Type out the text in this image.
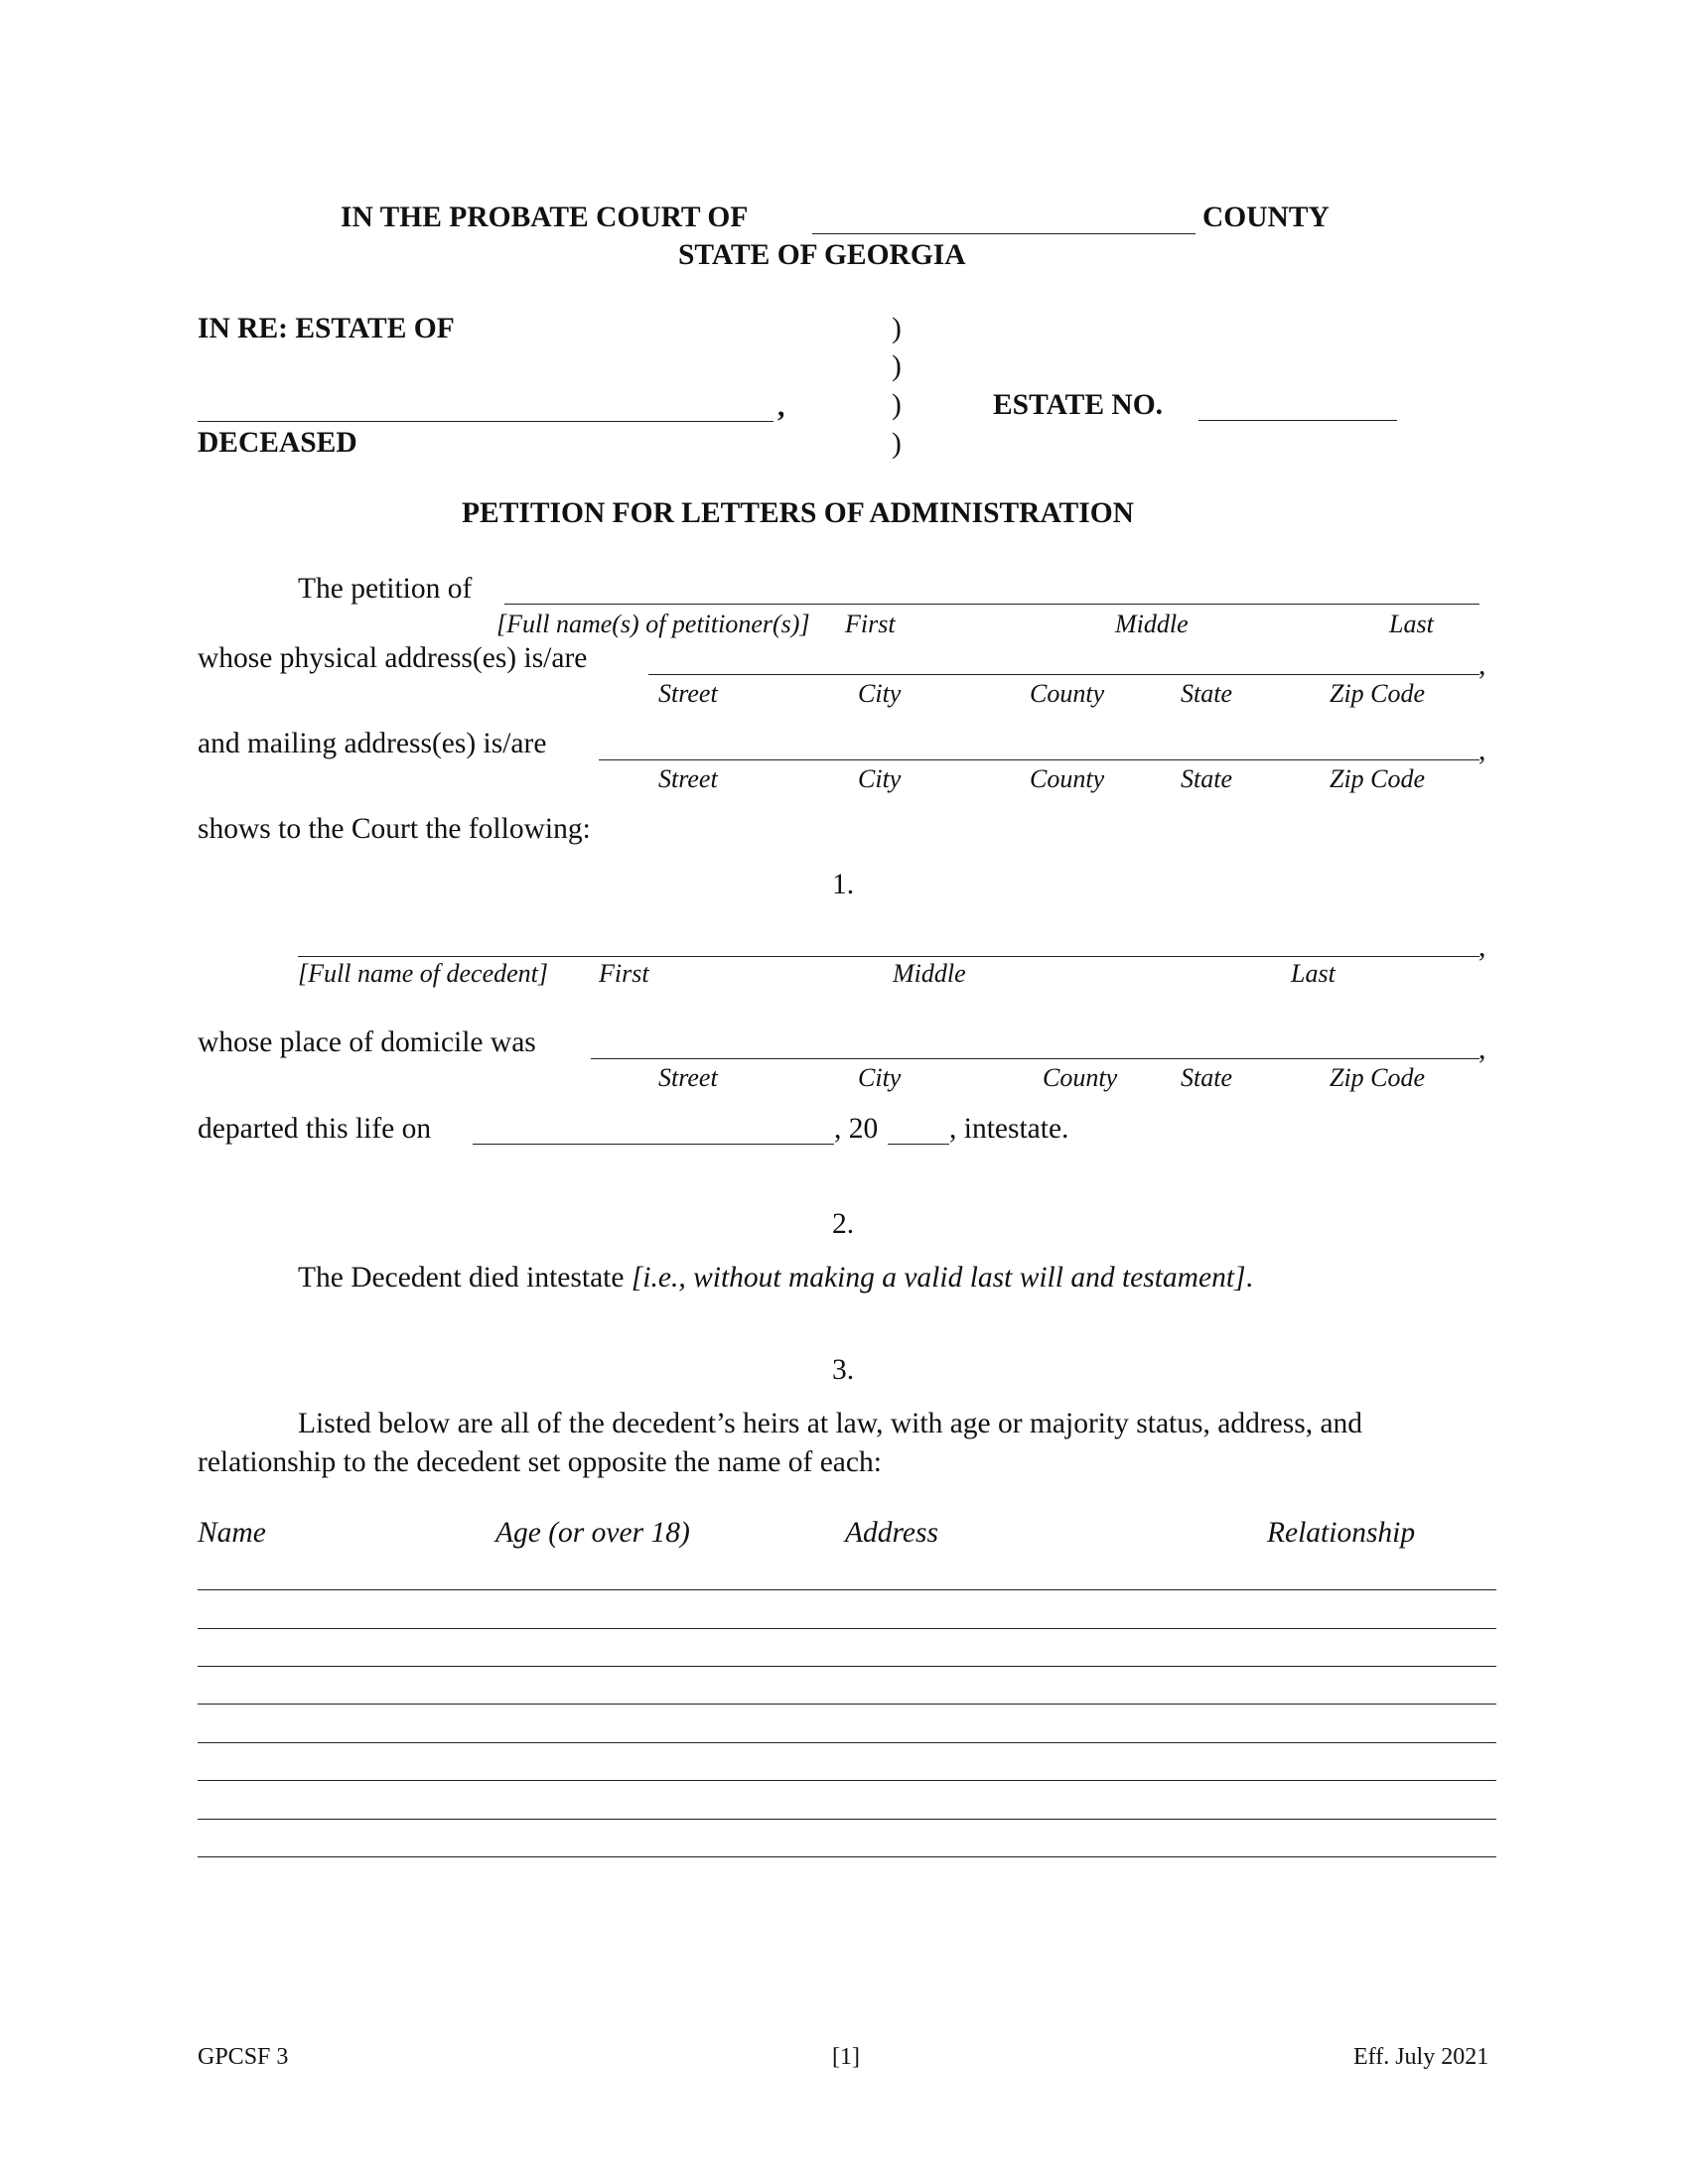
IN THE PROBATE COURT OF	COUNTY
STATE OF GEORGIA
IN RE: ESTATE OF	)
)
)
)
,
DECEASED
ESTATE NO.
PETITION FOR LETTERS OF ADMINISTRATION
The petition of
[Full name(s) of petitioner(s)] First	Middle	Last
whose physical address(es) is/are	,
Street	City	County	State	Zip Code
and mailing address(es) is/are	,
Street	City	County	State	Zip Code
shows to the Court the following:
1.
,
[Full name of decedent] First	Middle	Last
whose place of domicile was	,
Street	City	County State	Zip Code
departed this life on	, 20 , intestate.
2.
The Decedent died intestate [i.e., without making a valid last will and testament].
3.
Listed below are all of the decedent’s heirs at law, with age or majority status, address, and
relationship to the decedent set opposite the name of each:
Name	Age (or over 18)	Address	Relationship
GPCSF 3	[1]	Eff. July 2021
